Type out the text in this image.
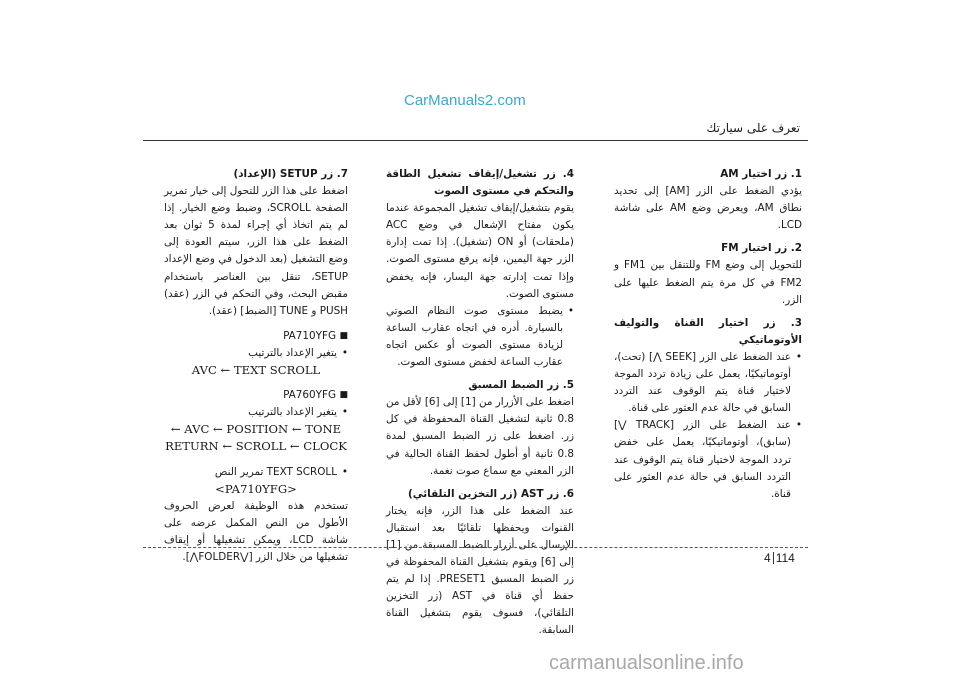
CarManuals2.com
تعرف على سيارتك
1. زر اختيار AM
يؤدي الضغط على الزر [AM] إلى تحديد نطاق AM، ويعرض وضع AM على شاشة LCD.
2. زر اختيار FM
للتحويل إلى وضع FM وللتنقل بين FM1 و FM2 في كل مرة يتم الضغط عليها على الزر.
3. زر اختيار القناة والتوليف الأوتوماتيكي
• عند الضغط على الزر [SEEK ⋀] (تحت)، أوتوماتيكيًا، يعمل على زيادة تردد الموجة لاختيار قناة يتم الوقوف عند التردد السابق في حالة عدم العثور على قناة.
• عند الضغط على الزر [TRACK ⋁] (سابق)، أوتوماتيكيًا، يعمل على خفض تردد الموجة لاختيار قناة يتم الوقوف عند التردد السابق في حالة عدم العثور على قناة.
4. زر تشغيل/إيقاف تشغيل الطاقة والتحكم في مستوى الصوت
يقوم بتشغيل/إيقاف تشغيل المجموعة عندما يكون مفتاح الإشعال في وضع ACC (ملحقات) أو ON (تشغيل). إذا تمت إدارة الزر جهة اليمين، فإنه يرفع مستوى الصوت. وإذا تمت إدارته جهة اليسار، فإنه يخفض مستوى الصوت.
• يضبط مستوى صوت النظام الصوتي بالسيارة. أدره في اتجاه عقارب الساعة لزيادة مستوى الصوت أو عكس اتجاه عقارب الساعة لخفض مستوى الصوت.
5. زر الضبط المسبق
اضغط على الأزرار من [1] إلى [6] لأقل من 0.8 ثانية لتشغيل القناة المحفوظة في كل زر. اضغط على زر الضبط المسبق لمدة 0.8 ثانية أو أطول لحفظ القناة الحالية في الزر المعني مع سماع صوت نغمة.
6. زر AST (زر التخزين التلقائي)
عند الضغط على هذا الزر، فإنه يختار القنوات ويحفظها تلقائيًا بعد استقبال الإرسال على أزرار الضبط المسبقة من [1] إلى [6] ويقوم بتشغيل القناة المحفوظة في زر الضبط المسبق PRESET1. إذا لم يتم حفظ أي قناة في AST (زر التخزين التلقائي)، فسوف يقوم بتشغيل القناة السابقة.
7. زر SETUP (الإعداد)
اضغط على هذا الزر للتحول إلى خيار تمرير الصفحة SCROLL، وضبط وضع الخيار. إذا لم يتم اتخاذ أي إجراء لمدة 5 ثوان بعد الضغط على هذا الزر، سيتم العودة إلى وضع التشغيل (بعد الدخول في وضع الإعداد SETUP، تنقل بين العناصر باستخدام مقبض البحث، وفي التحكم في الزر (عقد) PUSH و TUNE [الضبط] (عقد).
PA710YFG ■
• يتغير الإعداد بالترتيب
AVC ← TEXT SCROLL
PA760YFG ■
• يتغير الإعداد بالترتيب
← AVC ← POSITION ← TONE RETURN ← SCROLL ← CLOCK
• TEXT SCROLL تمرير النص
<PA710YFG>
تستخدم هذه الوظيفة لعرض الحروف الأطول من النص المكمل عرضه على شاشة LCD، ويمكن تشغيلها أو إيقاف تشغيلها من خلال الزر [⋁FOLDER⋀].	4 114
carmanualsonline.info
